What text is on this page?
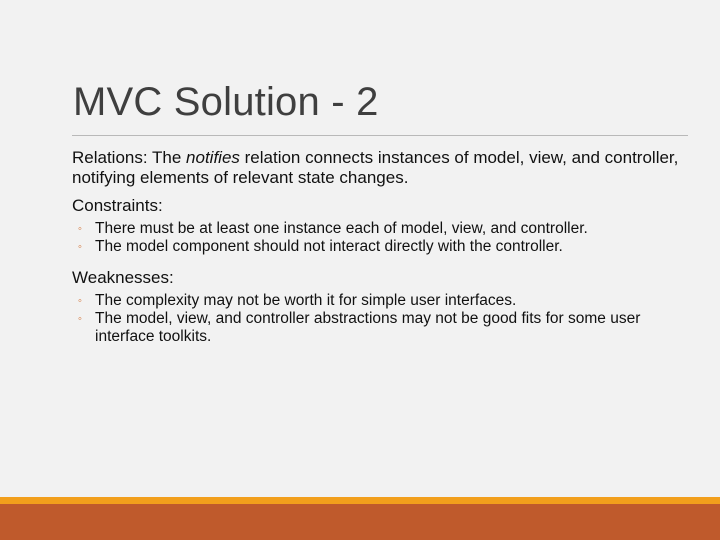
MVC Solution - 2

Relations: The notifies relation connects instances of model, view, and controller, notifying elements of relevant state changes.

Constraints:
◦ There must be at least one instance each of model, view, and controller.
◦ The model component should not interact directly with the controller.
Weaknesses:
◦ The complexity may not be worth it for simple user interfaces.
◦ The model, view, and controller abstractions may not be good fits for some user interface toolkits.
